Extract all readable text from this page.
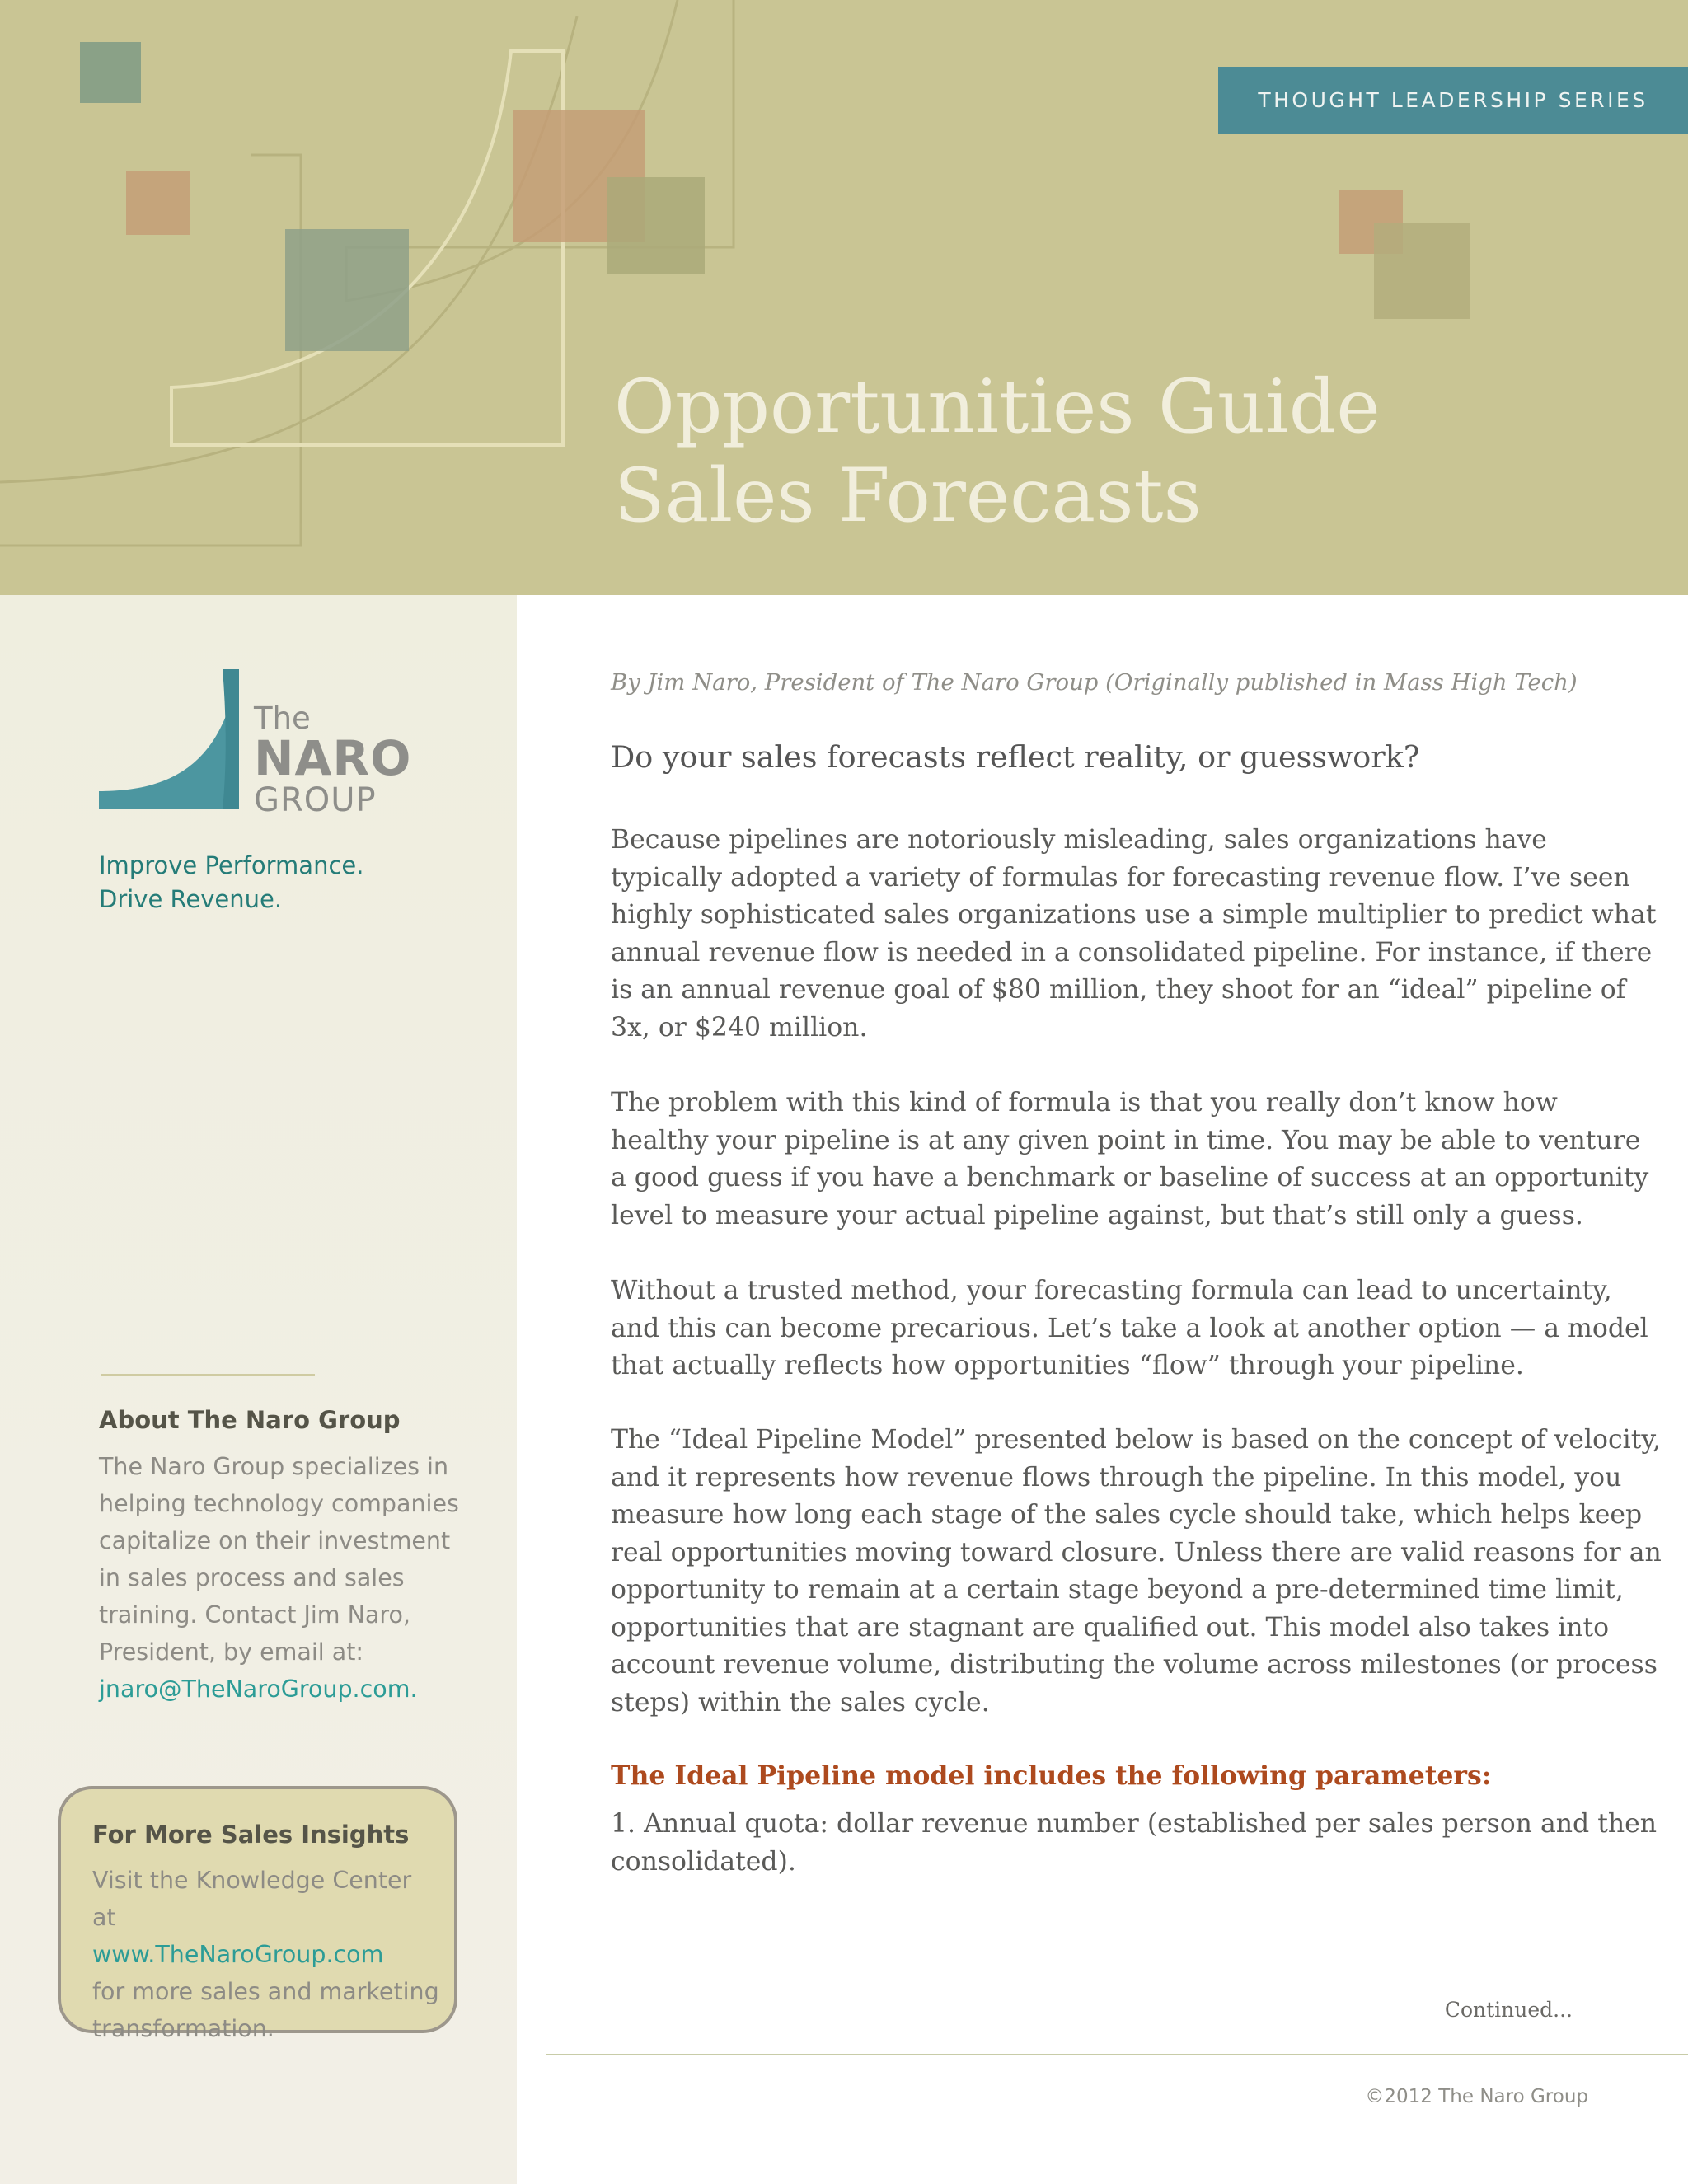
THOUGHT LEADERSHIP SERIES
Opportunities Guide
Sales Forecasts
The
NARO
GROUP

Improve Performance.
Drive Revenue.

About The Naro Group

The Naro Group specializes in
helping technology companies
capitalize on their investment
in sales process and sales
training. Contact Jim Naro,
President, by email at:
jnaro@TheNaroGroup.com.

For More Sales Insights

Visit the Knowledge Center
at
www.TheNaroGroup.com
for more sales and marketing
transformation.

By Jim Naro, President of The Naro Group (Originally published in Mass High Tech)

Do your sales forecasts reflect reality, or guesswork?

Because pipelines are notoriously misleading, sales organizations have
typically adopted a variety of formulas for forecasting revenue flow. I’ve seen
highly sophisticated sales organizations use a simple multiplier to predict what
annual revenue flow is needed in a consolidated pipeline. For instance, if there
is an annual revenue goal of $80 million, they shoot for an “ideal” pipeline of
3x, or $240 million.

The problem with this kind of formula is that you really don’t know how
healthy your pipeline is at any given point in time. You may be able to venture
a good guess if you have a benchmark or baseline of success at an opportunity
level to measure your actual pipeline against, but that’s still only a guess.

Without a trusted method, your forecasting formula can lead to uncertainty,
and this can become precarious. Let’s take a look at another option — a model
that actually reflects how opportunities “flow” through your pipeline.

The “Ideal Pipeline Model” presented below is based on the concept of velocity,
and it represents how revenue flows through the pipeline. In this model, you
measure how long each stage of the sales cycle should take, which helps keep
real opportunities moving toward closure. Unless there are valid reasons for an
opportunity to remain at a certain stage beyond a pre-determined time limit,
opportunities that are stagnant are qualified out. This model also takes into
account revenue volume, distributing the volume across milestones (or process
steps) within the sales cycle.

The Ideal Pipeline model includes the following parameters:

1. Annual quota: dollar revenue number (established per sales person and then
consolidated).

Continued...

©2012 The Naro Group
